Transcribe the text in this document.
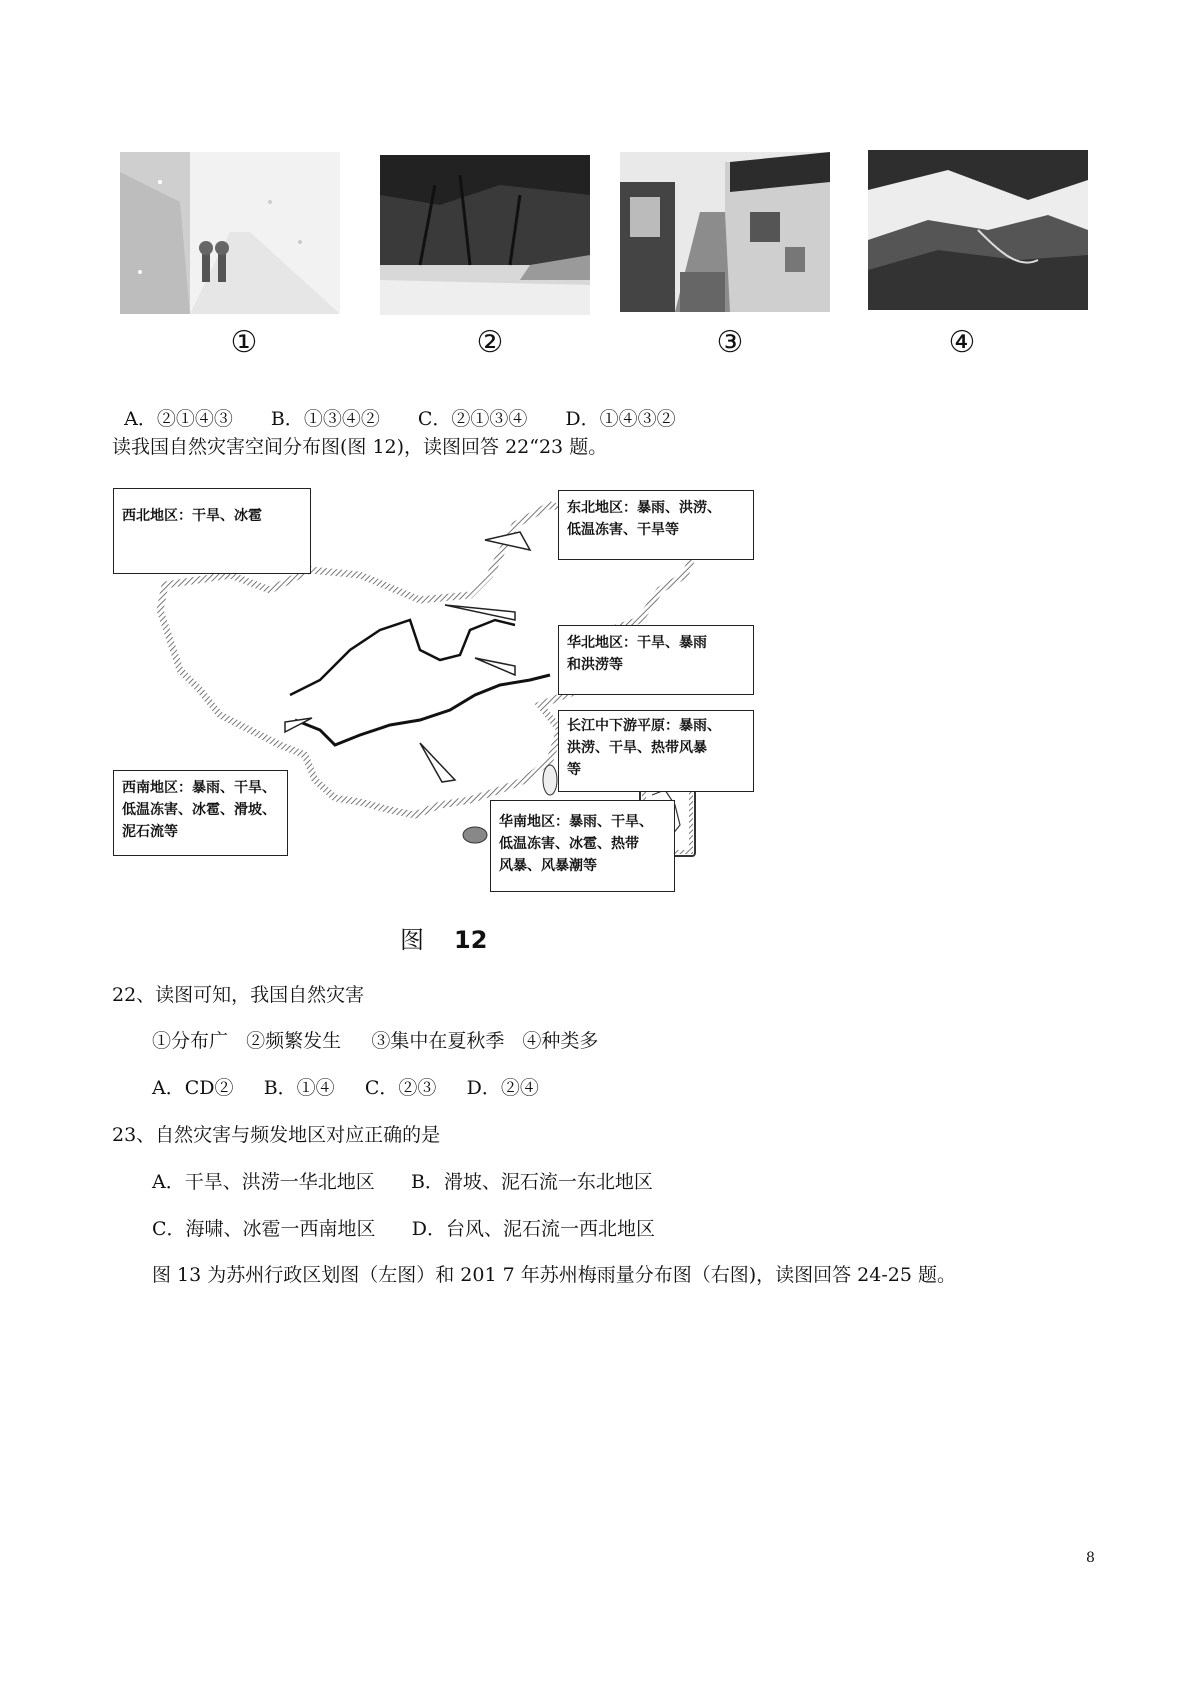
①	②	③	④

A．②①④③ B．①③④② C．②①③④ D．①④③②

读我国自然灾害空间分布图(图 12)，读图回答 22“23 题。
西北地区：干旱、冰雹	东北地区：暴雨、洪涝、
低温冻害、干旱等
华北地区：干旱、暴雨
和洪涝等
长江中下游平原：暴雨、
洪涝、干旱、热带风暴
等
西南地区：暴雨、干旱、
低温冻害、冰雹、滑坡、
泥石流等
华南地区：暴雨、干旱、
低温冻害、冰雹、热带
风暴、风暴潮等
图 12
22、读图可知，我国自然灾害
①分布广   ②频繁发生     ③集中在夏秋季   ④种类多
A．CD②     B．①④     C．②③     D．②④
23、自然灾害与频发地区对应正确的是
A．干旱、洪涝一华北地区      B．滑坡、泥石流一东北地区
C．海啸、冰雹一西南地区      D．台风、泥石流一西北地区
图 13 为苏州行政区划图（左图）和 201 7 年苏州梅雨量分布图（右图)，读图回答 24-25 题。
8
